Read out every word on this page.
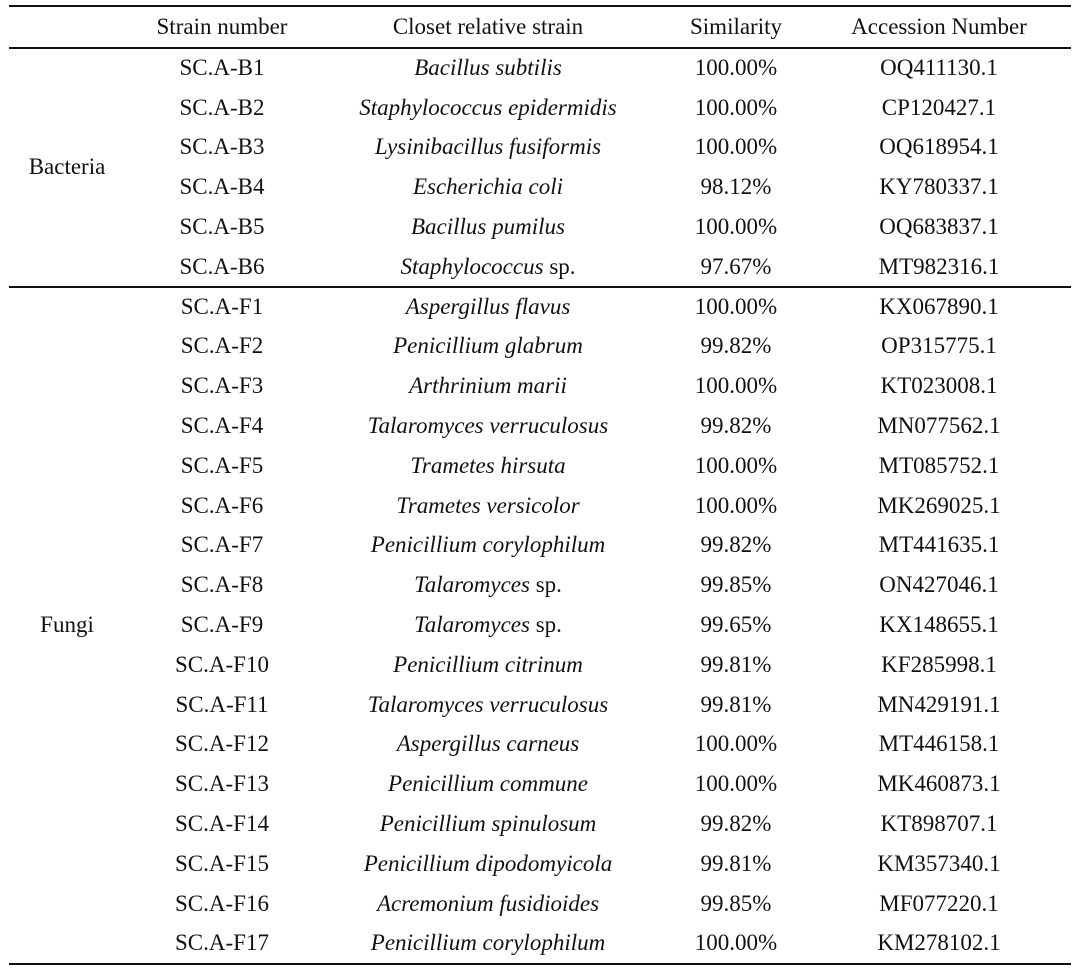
Strain number	Closet relative strain	Similarity	Accession Number
SC.A-B1	Bacillus subtilis	100.00%	OQ411130.1
SC.A-B2	Staphylococcus epidermidis	100.00%	CP120427.1
SC.A-B3	Lysinibacillus fusiformis	100.00%	OQ618954.1
SC.A-B4	Escherichia coli	98.12%	KY780337.1
SC.A-B5	Bacillus pumilus	100.00%	OQ683837.1
SC.A-B6	Staphylococcus sp.	97.67%	MT982316.1
Bacteria
SC.A-F1	Aspergillus flavus	100.00%	KX067890.1
SC.A-F2	Penicillium glabrum	99.82%	OP315775.1
SC.A-F3	Arthrinium marii	100.00%	KT023008.1
SC.A-F4	Talaromyces verruculosus	99.82%	MN077562.1
SC.A-F5	Trametes hirsuta	100.00%	MT085752.1
SC.A-F6	Trametes versicolor	100.00%	MK269025.1
SC.A-F7	Penicillium corylophilum	99.82%	MT441635.1
SC.A-F8	Talaromyces sp.	99.85%	ON427046.1
SC.A-F9	Talaromyces sp.	99.65%	KX148655.1
SC.A-F10	Penicillium citrinum	99.81%	KF285998.1
SC.A-F11	Talaromyces verruculosus	99.81%	MN429191.1
SC.A-F12	Aspergillus carneus	100.00%	MT446158.1
SC.A-F13	Penicillium commune	100.00%	MK460873.1
SC.A-F14	Penicillium spinulosum	99.82%	KT898707.1
SC.A-F15	Penicillium dipodomyicola	99.81%	KM357340.1
SC.A-F16	Acremonium fusidioides	99.85%	MF077220.1
SC.A-F17	Penicillium corylophilum	100.00%	KM278102.1
Fungi
